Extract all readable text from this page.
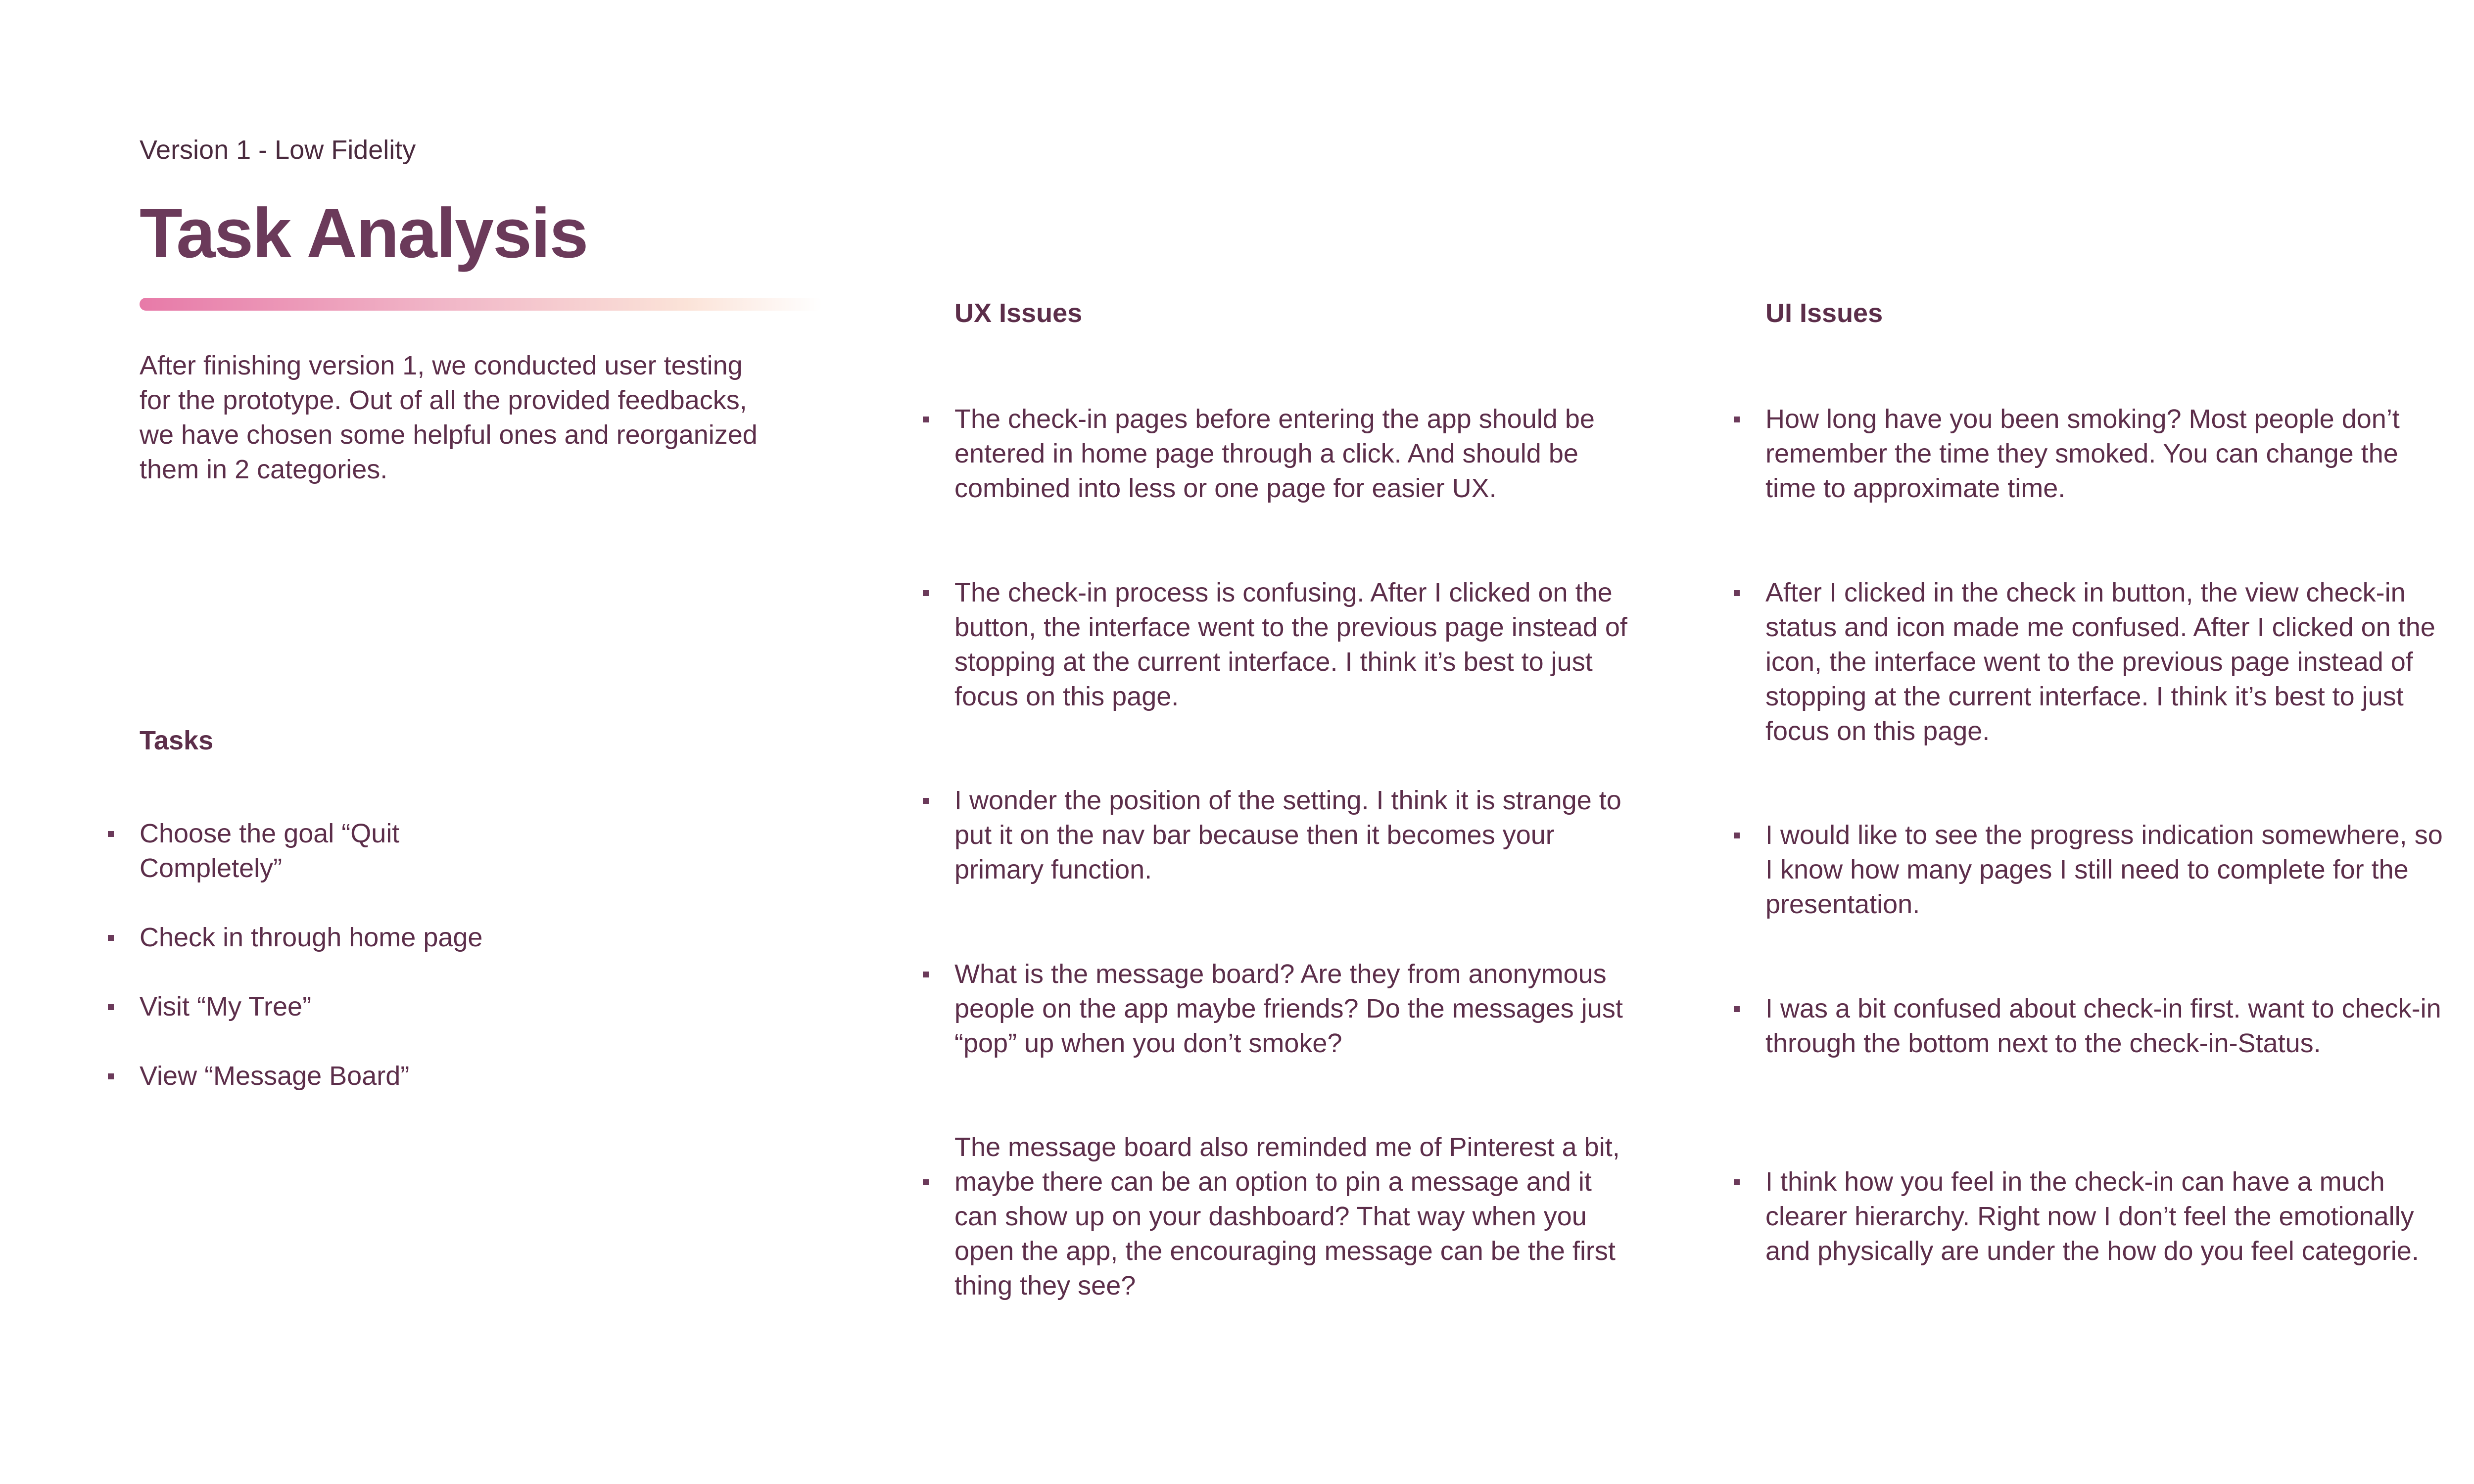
Version 1 - Low Fidelity
Task Analysis
After finishing version 1, we conducted user testing for the prototype. Out of all the provided feedbacks, we have chosen some helpful ones and reorganized them in 2 categories.
Tasks
Choose the goal “Quit Completely”
Check in through home page
Visit “My Tree”
View “Message Board”
UX Issues
The check-in pages before entering the app should be entered in home page through a click. And should be combined into less or one page for easier UX.
The check-in process is confusing. After I clicked on the button, the interface went to the previous page instead of stopping at the current interface. I think it’s best to just focus on this page.
I wonder the position of the setting. I think it is strange to put it on the nav bar because then it becomes your primary function.
What is the message board? Are they from anonymous people on the app maybe friends? Do the messages just “pop” up when you don’t smoke?
The message board also reminded me of Pinterest a bit, maybe there can be an option to pin a message and it can show up on your dashboard? That way when you open the app, the encouraging message can be the first thing they see?
UI Issues
How long have you been smoking? Most people don’t remember the time they smoked. You can change the time to approximate time.
After I clicked in the check in button, the view check-in status and icon made me confused. After I clicked on the icon, the interface went to the previous page instead of stopping at the current interface. I think it’s best to just focus on this page.
I would like to see the progress indication somewhere, so I know how many pages I still need to complete for the presentation.
I was a bit confused about check-in first. want to check-in through the bottom next to the check-in-Status.
I think how you feel in the check-in can have a much clearer hierarchy. Right now I don’t feel the emotionally and physically are under the how do you feel categorie.
